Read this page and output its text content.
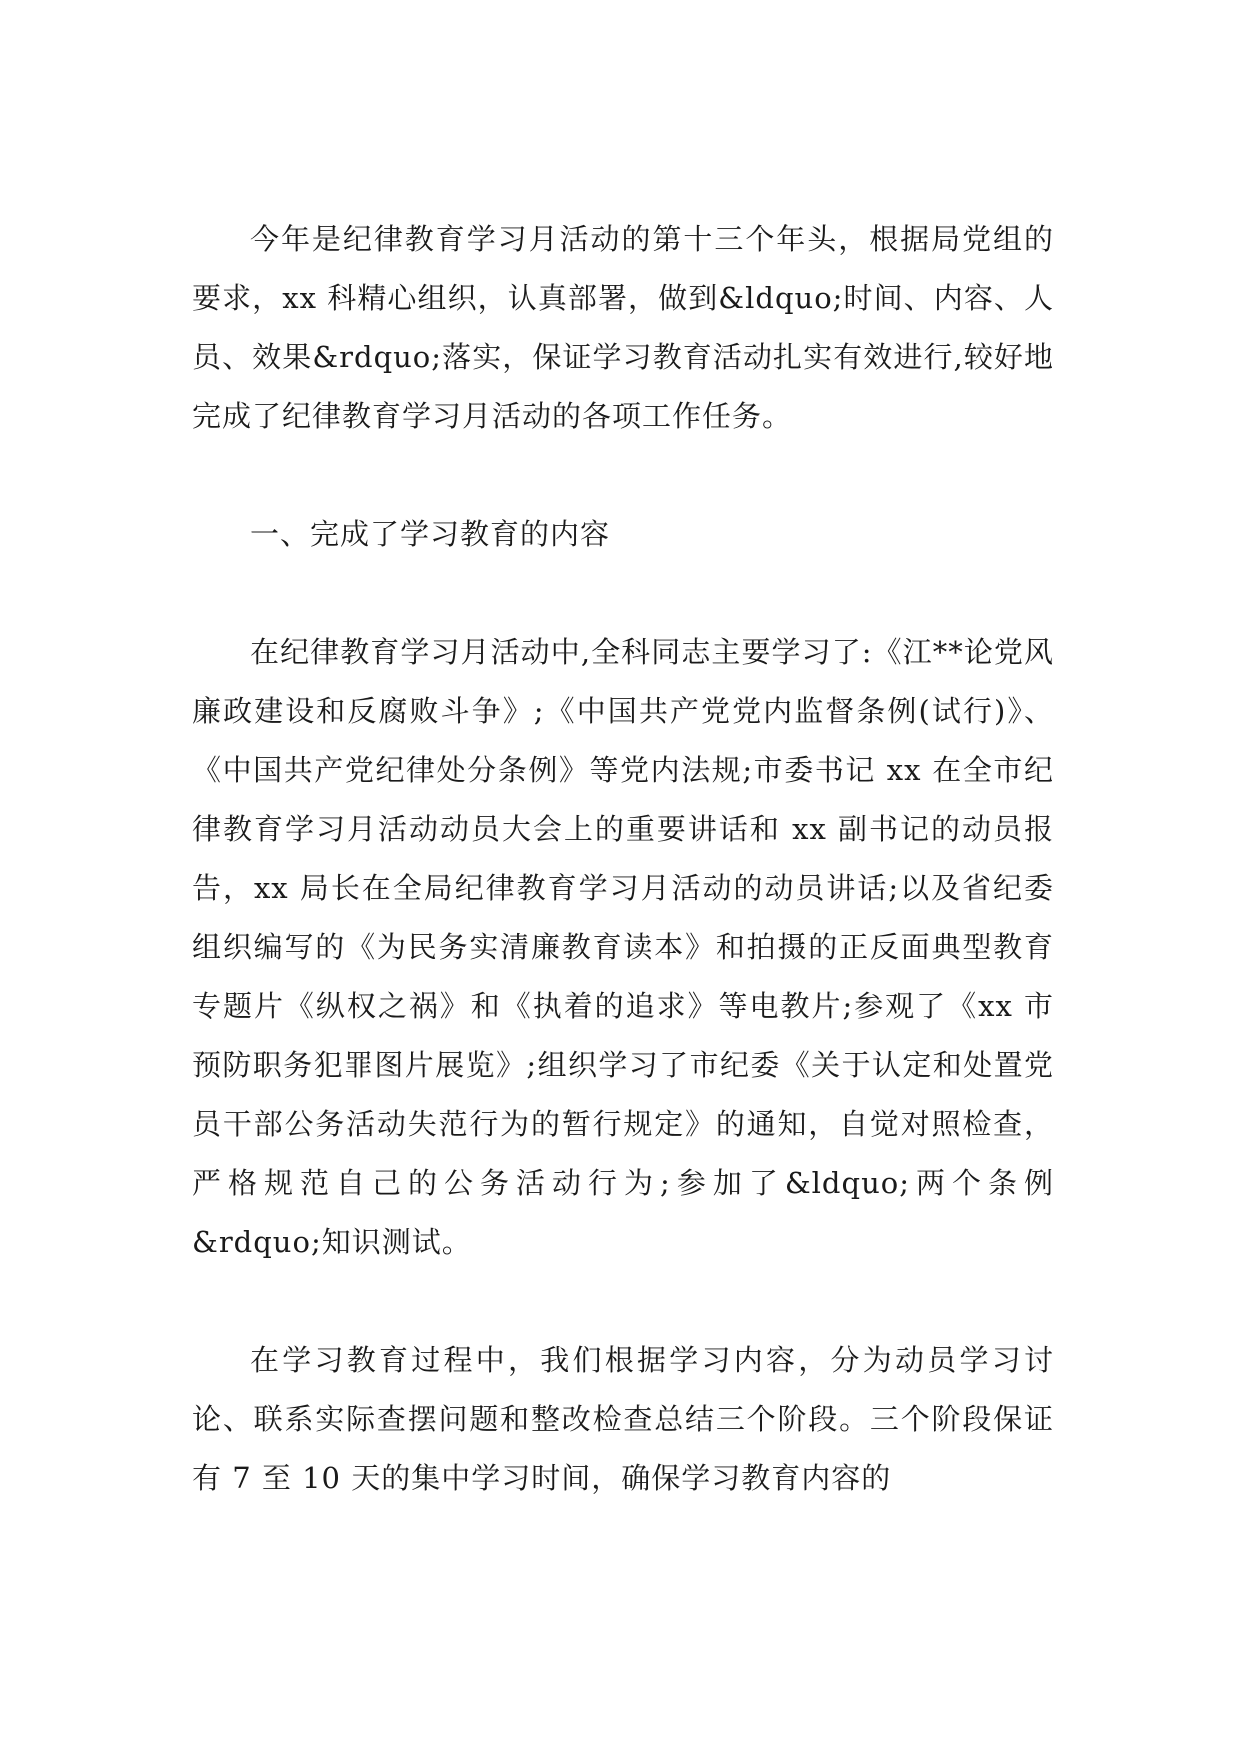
今年是纪律教育学习月活动的第十三个年头，根据局党组的要求，xx 科精心组织，认真部署，做到&ldquo;时间、内容、人员、效果&rdquo;落实，保证学习教育活动扎实有效进行,较好地完成了纪律教育学习月活动的各项工作任务。

一、完成了学习教育的内容

在纪律教育学习月活动中,全科同志主要学习了:《江**论党风廉政建设和反腐败斗争》;《中国共产党党内监督条例(试行)》、《中国共产党纪律处分条例》等党内法规;市委书记 xx 在全市纪律教育学习月活动动员大会上的重要讲话和 xx 副书记的动员报告，xx 局长在全局纪律教育学习月活动的动员讲话;以及省纪委组织编写的《为民务实清廉教育读本》和拍摄的正反面典型教育专题片《纵权之祸》和《执着的追求》等电教片;参观了《xx 市预防职务犯罪图片展览》;组织学习了市纪委《关于认定和处置党员干部公务活动失范行为的暂行规定》的通知，自觉对照检查，严格规范自己的公务活动行为;参加了&ldquo;两个条例&rdquo;知识测试。

在学习教育过程中，我们根据学习内容，分为动员学习讨论、联系实际查摆问题和整改检查总结三个阶段。三个阶段保证有 7 至 10 天的集中学习时间，确保学习教育内容的
